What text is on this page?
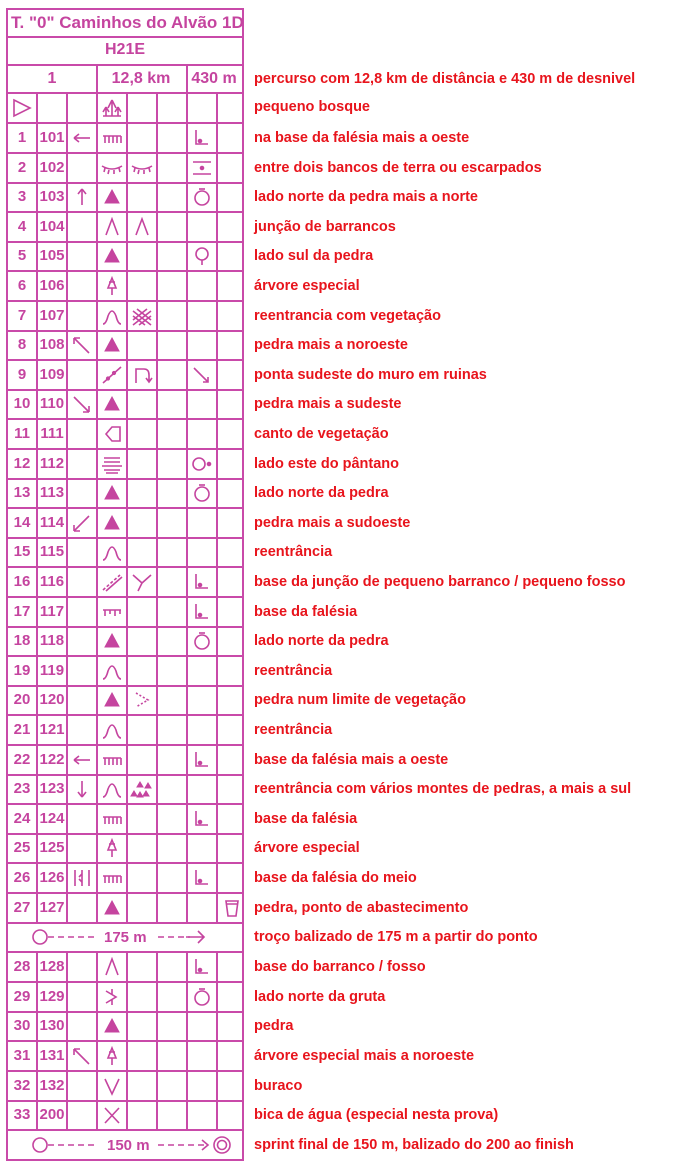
T. "0" Caminhos do Alvão 1D
H21E
1	12,8 km	430 m	percurso com 12,8 km de distância e 430 m de desnivel
pequeno bosque
1 101	na base da falésia mais a oeste
2 102	entre dois bancos de terra ou escarpados
3 103	lado norte da pedra mais a norte
4 104	junção de barrancos
5 105	lado sul da pedra
6 106	árvore especial
7 107	reentrancia com vegetação
8 108	pedra mais a noroeste
9 109	ponta sudeste do muro em ruinas
10 110	pedra mais a sudeste
11 111	canto de vegetação
12 112	lado este do pântano
13 113	lado norte da pedra
14 114	pedra mais a sudoeste
15 115	reentrância
16 116	base da junção de pequeno barranco / pequeno fosso
17 117	base da falésia
18 118	lado norte da pedra
19 119	reentrância
20 120	pedra num limite de vegetação
21 121	reentrância
22 122	base da falésia mais a oeste
23 123	reentrância com vários montes de pedras, a mais a sul
24 124	base da falésia
25 125	árvore especial
26 126	base da falésia do meio
27 127	pedra, ponto de abastecimento
175 m	troço balizado de 175 m a partir do ponto
28 128	base do barranco / fosso
29 129	lado norte da gruta
30 130	pedra
31 131	árvore especial mais a noroeste
32 132	buraco
33 200	bica de água (especial nesta prova)
150 m	sprint final de 150 m, balizado do 200 ao finish
